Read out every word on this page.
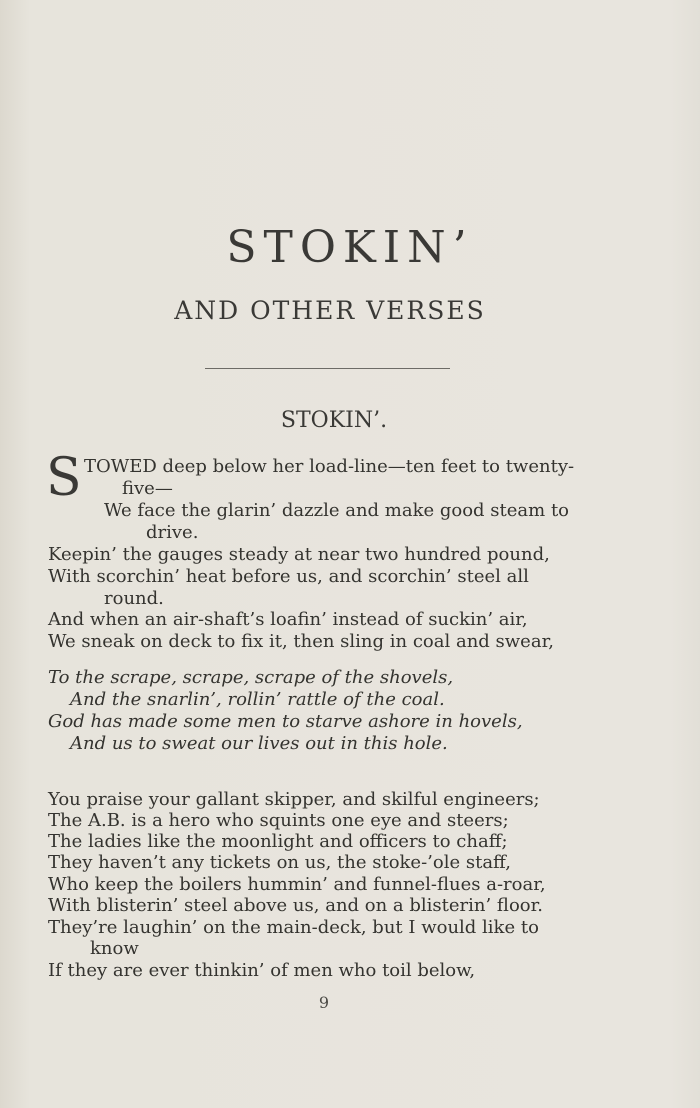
STOKIN’
AND OTHER VERSES
STOKIN’.
S TOWED deep below her load-line—ten feet to twenty-
five—
We face the glarin’ dazzle and make good steam to
drive.
Keepin’ the gauges steady at near two hundred pound,
With scorchin’ heat before us, and scorchin’ steel all
round.
And when an air-shaft’s loafin’ instead of suckin’ air,
We sneak on deck to fix it, then sling in coal and swear,
To the scrape, scrape, scrape of the shovels,
And the snarlin’, rollin’ rattle of the coal.
God has made some men to starve ashore in hovels,
And us to sweat our lives out in this hole.
You praise your gallant skipper, and skilful engineers;
The A.B. is a hero who squints one eye and steers;
The ladies like the moonlight and officers to chaff;
They haven’t any tickets on us, the stoke-’ole staff,
Who keep the boilers hummin’ and funnel-flues a-roar,
With blisterin’ steel above us, and on a blisterin’ floor.
They’re laughin’ on the main-deck, but I would like to
know
If they are ever thinkin’ of men who toil below,
9
